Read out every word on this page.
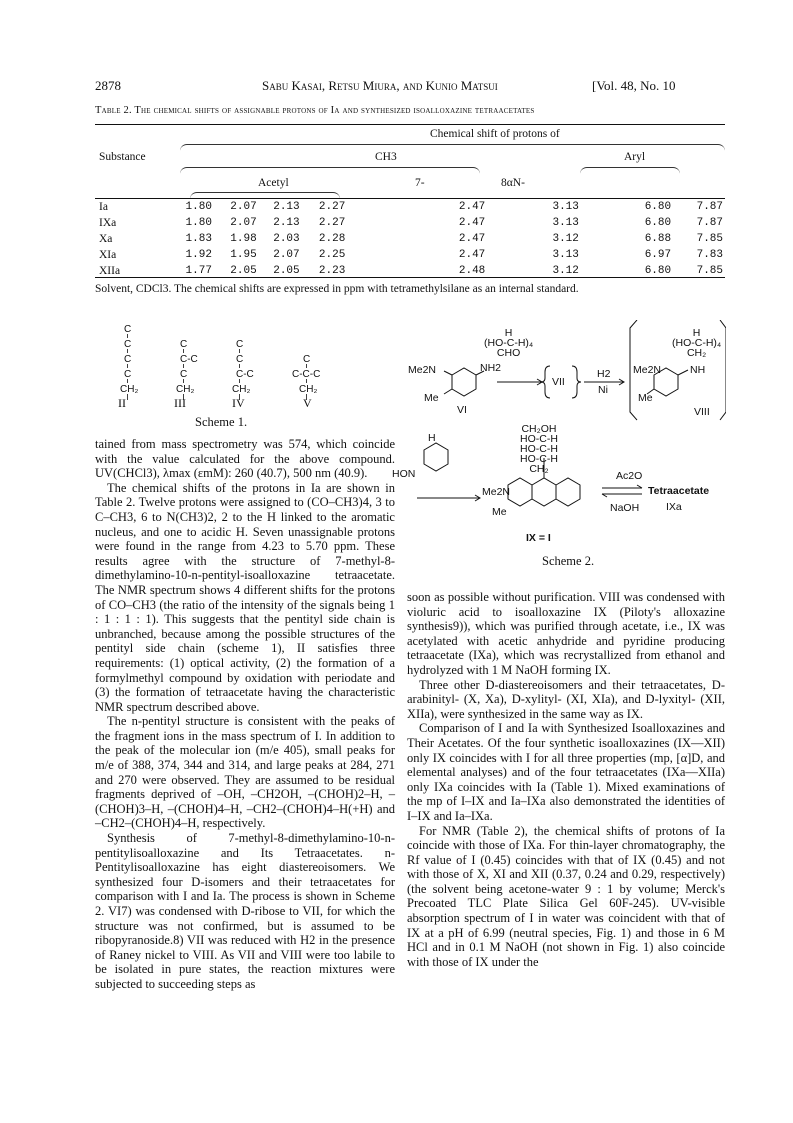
2878	Sabu Kasai, Retsu Miura, and Kunio Matsui	[Vol. 48, No. 10
Table 2. The chemical shifts of assignable protons of Ia and synthesized isoalloxazine tetraacetates
Chemical shift of protons of
Substance	CH3	Aryl
Acetyl	7-	8αN-
Ia	1.80	2.07	2.13	2.27		2.47	3.13	6.80	7.87
IXa	1.80	2.07	2.13	2.27		2.47	3.13	6.80	7.87
Xa	1.83	1.98	2.03	2.28		2.47	3.12	6.88	7.85
XIa	1.92	1.95	2.07	2.25		2.47	3.13	6.97	7.83
XIIa	1.77	2.05	2.05	2.23		2.48	3.12	6.80	7.85
Solvent, CDCl3. The chemical shifts are expressed in ppm with tetramethylsilane as an internal standard.
C
C
C
C
CH₂
C
C-C
C
CH₂
C
C
C-C
CH₂
C
C-C-C
CH₂
II	III	IV	V
Scheme 1.
H
(HO-C-H)₄
CHO
Me2N	NH2
Me
VI
VII
H2
Ni
H
(HO-C-H)₄
CH₂
Me2N	NH
Me
VIII
CH₂OH
HO-C-H
HO-C-H
HO-C-H
CH₂
H
HON
Me2N
Me
Ac2O
NaOH
Tetraacetate
IXa
IX = I
Scheme 2.

tained from mass spectrometry was 574, which coincide with the value calculated for the above compound. UV(CHCl3), λmax (εmM): 260 (40.7), 500 nm (40.9).

The chemical shifts of the protons in Ia are shown in Table 2. Twelve protons were assigned to (CO–CH3)4, 3 to C–CH3, 6 to N(CH3)2, 2 to the H linked to the aromatic nucleus, and one to acidic H. Seven unassignable protons were found in the range from 4.23 to 5.70 ppm. These results agree with the structure of 7-methyl-8-dimethylamino-10-n-pentityl-isoalloxazine tetraacetate. The NMR spectrum shows 4 different shifts for the protons of CO–CH3 (the ratio of the intensity of the signals being 1 : 1 : 1 : 1). This suggests that the pentityl side chain is unbranched, because among the possible structures of the pentityl side chain (scheme 1), II satisfies three requirements: (1) optical activity, (2) the formation of a formylmethyl compound by oxidation with periodate and (3) the formation of tetraacetate having the characteristic NMR spectrum described above.

The n-pentityl structure is consistent with the peaks of the fragment ions in the mass spectrum of I. In addition to the peak of the molecular ion (m/e 405), small peaks for m/e of 388, 374, 344 and 314, and large peaks at 284, 271 and 270 were observed. They are assumed to be residual fragments deprived of –OH, –CH2OH, –(CHOH)2–H, –(CHOH)3–H, –(CHOH)4–H, –CH2–(CHOH)4–H(+H) and –CH2–(CHOH)4–H, respectively.

Synthesis of 7-methyl-8-dimethylamino-10-n-pentitylisoalloxazine and Its Tetraacetates. n-Pentitylisoalloxazine has eight diastereoisomers. We synthesized four D-isomers and their tetraacetates for comparison with I and Ia. The process is shown in Scheme 2. VI7) was condensed with D-ribose to VII, for which the structure was not confirmed, but is assumed to be ribopyranoside.8) VII was reduced with H2 in the presence of Raney nickel to VIII. As VII and VIII were too labile to be isolated in pure states, the reaction mixtures were subjected to succeeding steps as

soon as possible without purification. VIII was condensed with violuric acid to isoalloxazine IX (Piloty's alloxazine synthesis9)), which was purified through acetate, i.e., IX was acetylated with acetic anhydride and pyridine producing tetraacetate (IXa), which was recrystallized from ethanol and hydrolyzed with 1 M NaOH forming IX.

Three other D-diastereoisomers and their tetraacetates, D-arabinityl- (X, Xa), D-xylityl- (XI, XIa), and D-lyxityl- (XII, XIIa), were synthesized in the same way as IX.

Comparison of I and Ia with Synthesized Isoalloxazines and Their Acetates. Of the four synthetic isoalloxazines (IX—XII) only IX coincides with I for all three properties (mp, [α]D, and elemental analyses) and of the four tetraacetates (IXa—XIIa) only IXa coincides with Ia (Table 1). Mixed examinations of the mp of I–IX and Ia–IXa also demonstrated the identities of I–IX and Ia–IXa.

For NMR (Table 2), the chemical shifts of protons of Ia coincide with those of IXa. For thin-layer chromatography, the Rf value of I (0.45) coincides with that of IX (0.45) and not with those of X, XI and XII (0.37, 0.24 and 0.29, respectively) (the solvent being acetone-water 9 : 1 by volume; Merck's Precoated TLC Plate Silica Gel 60F-245). UV-visible absorption spectrum of I in water was coincident with that of IX at a pH of 6.99 (neutral species, Fig. 1) and those in 6 M HCl and in 0.1 M NaOH (not shown in Fig. 1) also coincide with those of IX under the
